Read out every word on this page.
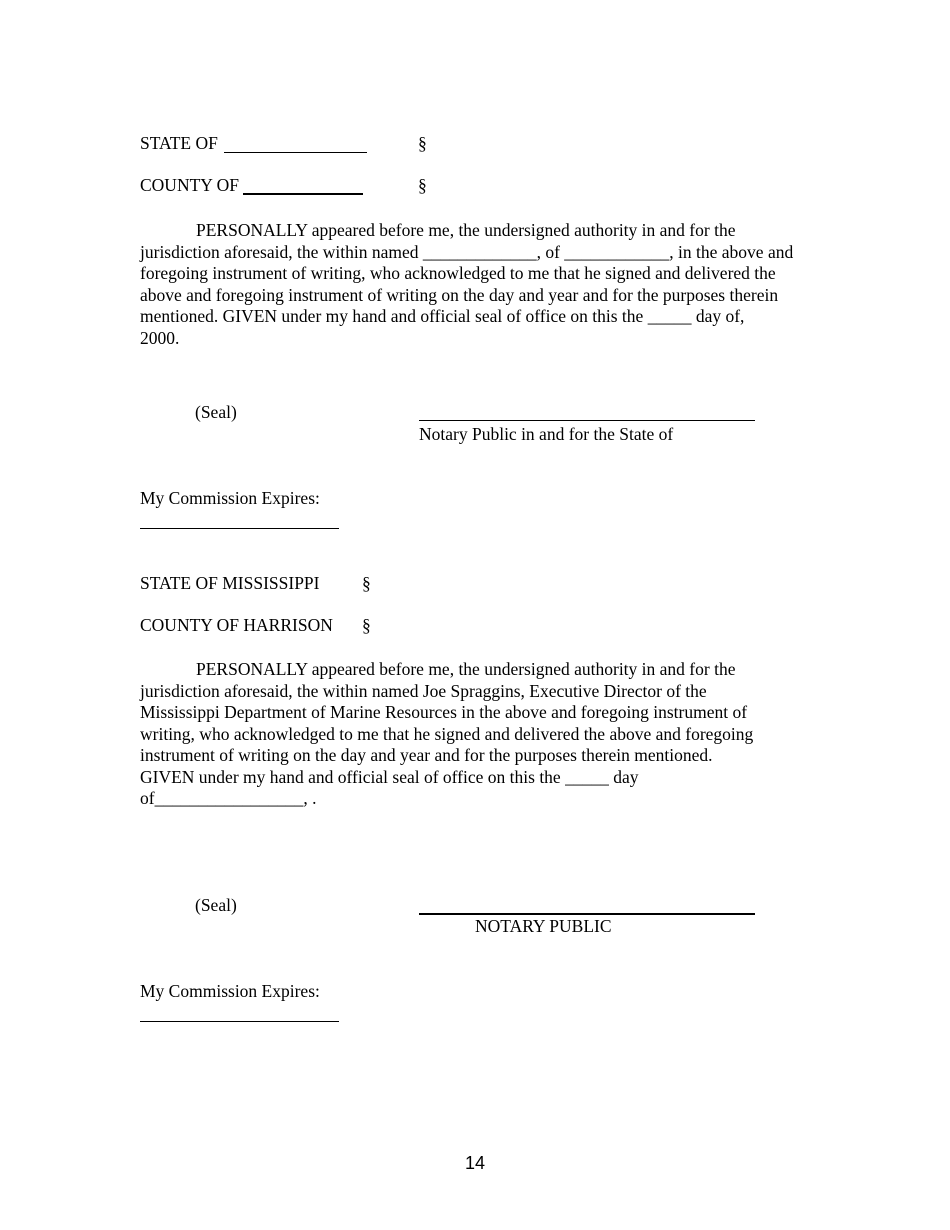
STATE OF	§
COUNTY OF	§
PERSONALLY appeared before me, the undersigned authority in and for the
jurisdiction aforesaid, the within named _____________, of ____________, in the above and
foregoing instrument of writing, who acknowledged to me that he signed and delivered the
above and foregoing instrument of writing on the day and year and for the purposes therein
mentioned. GIVEN under my hand and official seal of office on this the _____ day of,
2000.
(Seal)
Notary Public in and for the State of
My Commission Expires:
STATE OF MISSISSIPPI §
COUNTY OF HARRISON §
PERSONALLY appeared before me, the undersigned authority in and for the
jurisdiction aforesaid, the within named Joe Spraggins, Executive Director of the
Mississippi Department of Marine Resources in the above and foregoing instrument of
writing, who acknowledged to me that he signed and delivered the above and foregoing
instrument of writing on the day and year and for the purposes therein mentioned.
GIVEN under my hand and official seal of office on this the _____ day
of_________________, .
(Seal)
NOTARY PUBLIC
My Commission Expires:
14
